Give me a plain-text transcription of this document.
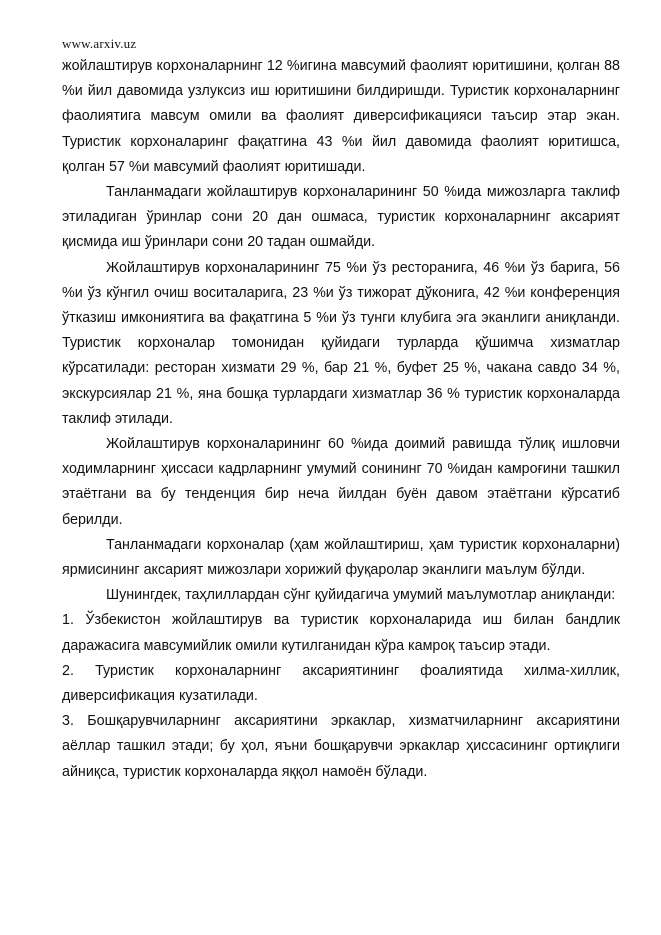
www.arxiv.uz

жойлаштирув корхоналарнинг 12 %игина мавсумий фаолият юритишини, қолган 88 %и йил давомида узлуксиз иш юритишини билдиришди. Туристик корхоналарнинг фаолиятига мавсум омили ва фаолият диверсификацияси таъсир этар экан. Туристик корхоналаринг фақатгина 43 %и йил давомида фаолият юритишса, қолган 57 %и мавсумий фаолият юритишади.

Танланмадаги жойлаштирув корхоналарининг 50 %ида мижозларга таклиф этиладиган ўринлар сони 20 дан ошмаса, туристик корхоналарнинг аксарият қисмида иш ўринлари сони 20 тадан ошмайди.

Жойлаштирув корхоналарининг 75 %и ўз ресторанига, 46 %и ўз барига, 56 %и ўз кўнгил очиш воситаларига, 23 %и ўз тижорат дўконига, 42 %и конференция ўтказиш имкониятига ва фақатгина 5 %и ўз тунги клубига эга эканлиги аниқланди. Туристик корхоналар томонидан қуйидаги турларда қўшимча хизматлар кўрсатилади: ресторан хизмати 29 %, бар 21 %, буфет 25 %, чакана савдо 34 %, экскурсиялар 21 %, яна бошқа турлардаги хизматлар 36 % туристик корхоналарда таклиф этилади.

Жойлаштирув корхоналарининг 60 %ида доимий равишда тўлиқ ишловчи ходимларнинг ҳиссаси кадрларнинг умумий сонининг 70 %идан камроғини ташкил этаётгани ва бу тенденция бир неча йилдан буён давом этаётгани кўрсатиб берилди.

Танланмадаги корхоналар (ҳам жойлаштириш, ҳам туристик корхоналарни) ярмисининг аксарият мижозлари хорижий фуқаролар эканлиги маълум бўлди.

Шунингдек, таҳлиллардан сўнг қуйидагича умумий маълумотлар аниқланди:

1. Ўзбекистон жойлаштирув ва туристик корхоналарида иш билан бандлик даражасига мавсумийлик омили кутилганидан кўра камроқ таъсир этади.

2. Туристик корхоналарнинг аксариятининг фоалиятида хилма-хиллик, диверсификация кузатилади.

3. Бошқарувчиларнинг аксариятини эркаклар, хизматчиларнинг аксариятини аёллар ташкил этади; бу ҳол, яъни бошқарувчи эркаклар ҳиссасининг ортиқлиги айниқса, туристик корхоналарда яққол намоён бўлади.
